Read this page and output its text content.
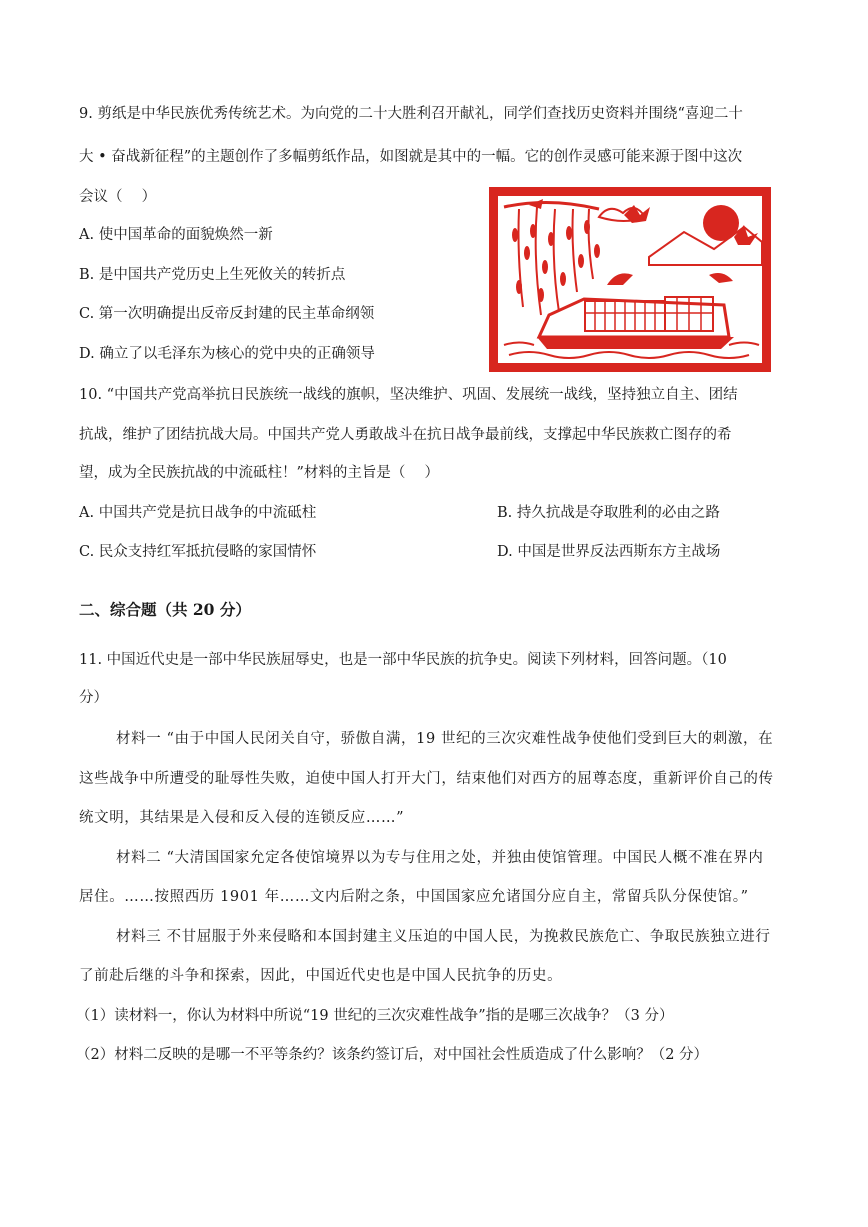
9. 剪纸是中华民族优秀传统艺术。为向党的二十大胜利召开献礼，同学们查找历史资料并围绕“喜迎二十
大 • 奋战新征程”的主题创作了多幅剪纸作品，如图就是其中的一幅。它的创作灵感可能来源于图中这次
会议（　 ）
A. 使中国革命的面貌焕然一新
B. 是中国共产党历史上生死攸关的转折点
C. 第一次明确提出反帝反封建的民主革命纲领
D. 确立了以毛泽东为核心的党中央的正确领导
10. “中国共产党高举抗日民族统一战线的旗帜，坚决维护、巩固、发展统一战线，坚持独立自主、团结
抗战，维护了团结抗战大局。中国共产党人勇敢战斗在抗日战争最前线，支撑起中华民族救亡图存的希
望，成为全民族抗战的中流砥柱！”材料的主旨是（　 ）
A. 中国共产党是抗日战争的中流砥柱	B. 持久抗战是夺取胜利的必由之路
C. 民众支持红军抵抗侵略的家国情怀	D. 中国是世界反法西斯东方主战场
二、综合题（共 20 分）
11. 中国近代史是一部中华民族屈辱史，也是一部中华民族的抗争史。阅读下列材料，回答问题。（10
分）
材料一 “由于中国人民闭关自守，骄傲自满，19 世纪的三次灾难性战争使他们受到巨大的刺激，在
这些战争中所遭受的耻辱性失败，迫使中国人打开大门，结束他们对西方的屈尊态度，重新评价自己的传
统文明，其结果是入侵和反入侵的连锁反应……”
材料二 “大清国国家允定各使馆境界以为专与住用之处，并独由使馆管理。中国民人概不准在界内
居住。……按照西历 1901 年……文内后附之条，中国国家应允诸国分应自主，常留兵队分保使馆。”
材料三 不甘屈服于外来侵略和本国封建主义压迫的中国人民，为挽救民族危亡、争取民族独立进行
了前赴后继的斗争和探索，因此，中国近代史也是中国人民抗争的历史。
（1）读材料一，你认为材料中所说“19 世纪的三次灾难性战争”指的是哪三次战争？（3 分）
（2）材料二反映的是哪一不平等条约？该条约签订后，对中国社会性质造成了什么影响？（2 分）
